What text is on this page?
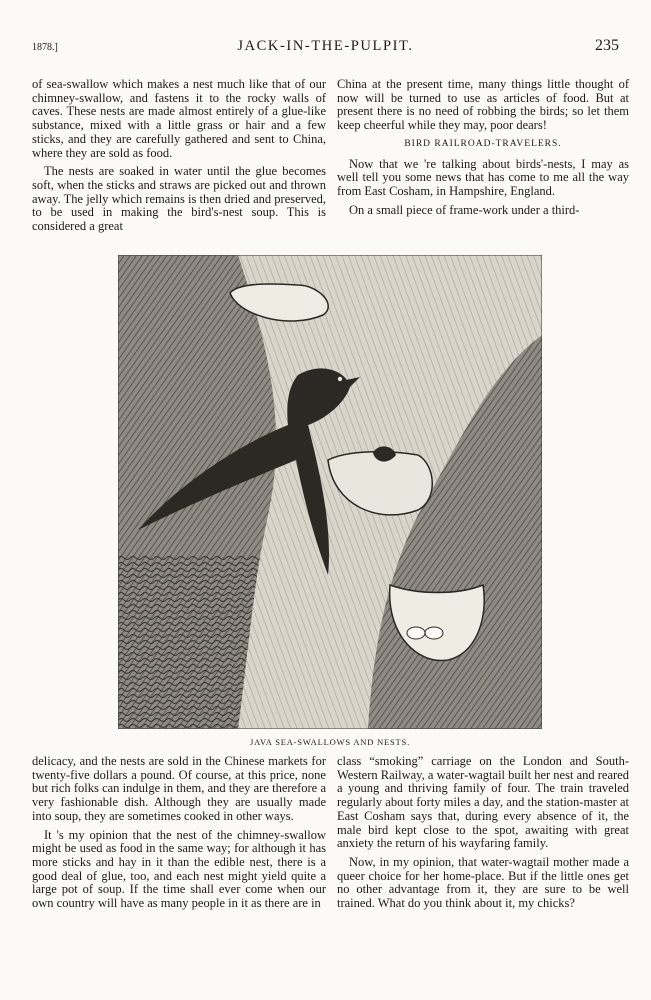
1878.]	JACK-IN-THE-PULPIT.	235

of sea-swallow which makes a nest much like that of our chimney-swallow, and fastens it to the rocky walls of caves. These nests are made almost entirely of a glue-like substance, mixed with a little grass or hair and a few sticks, and they are carefully gathered and sent to China, where they are sold as food.

The nests are soaked in water until the glue becomes soft, when the sticks and straws are picked out and thrown away. The jelly which remains is then dried and preserved, to be used in making the bird's-nest soup. This is considered a great

China at the present time, many things little thought of now will be turned to use as articles of food. But at present there is no need of robbing the birds; so let them keep cheerful while they may, poor dears!

BIRD RAILROAD-TRAVELERS.

Now that we 're talking about birds'-nests, I may as well tell you some news that has come to me all the way from East Cosham, in Hampshire, England.

On a small piece of frame-work under a third-

JAVA SEA-SWALLOWS AND NESTS.

delicacy, and the nests are sold in the Chinese markets for twenty-five dollars a pound. Of course, at this price, none but rich folks can indulge in them, and they are therefore a very fashionable dish. Although they are usually made into soup, they are sometimes cooked in other ways.

It 's my opinion that the nest of the chimney-swallow might be used as food in the same way; for although it has more sticks and hay in it than the edible nest, there is a good deal of glue, too, and each nest might yield quite a large pot of soup. If the time shall ever come when our own country will have as many people in it as there are in

class “smoking” carriage on the London and South-Western Railway, a water-wagtail built her nest and reared a young and thriving family of four. The train traveled regularly about forty miles a day, and the station-master at East Cosham says that, during every absence of it, the male bird kept close to the spot, awaiting with great anxiety the return of his wayfaring family.

Now, in my opinion, that water-wagtail mother made a queer choice for her home-place. But if the little ones get no other advantage from it, they are sure to be well trained. What do you think about it, my chicks?
